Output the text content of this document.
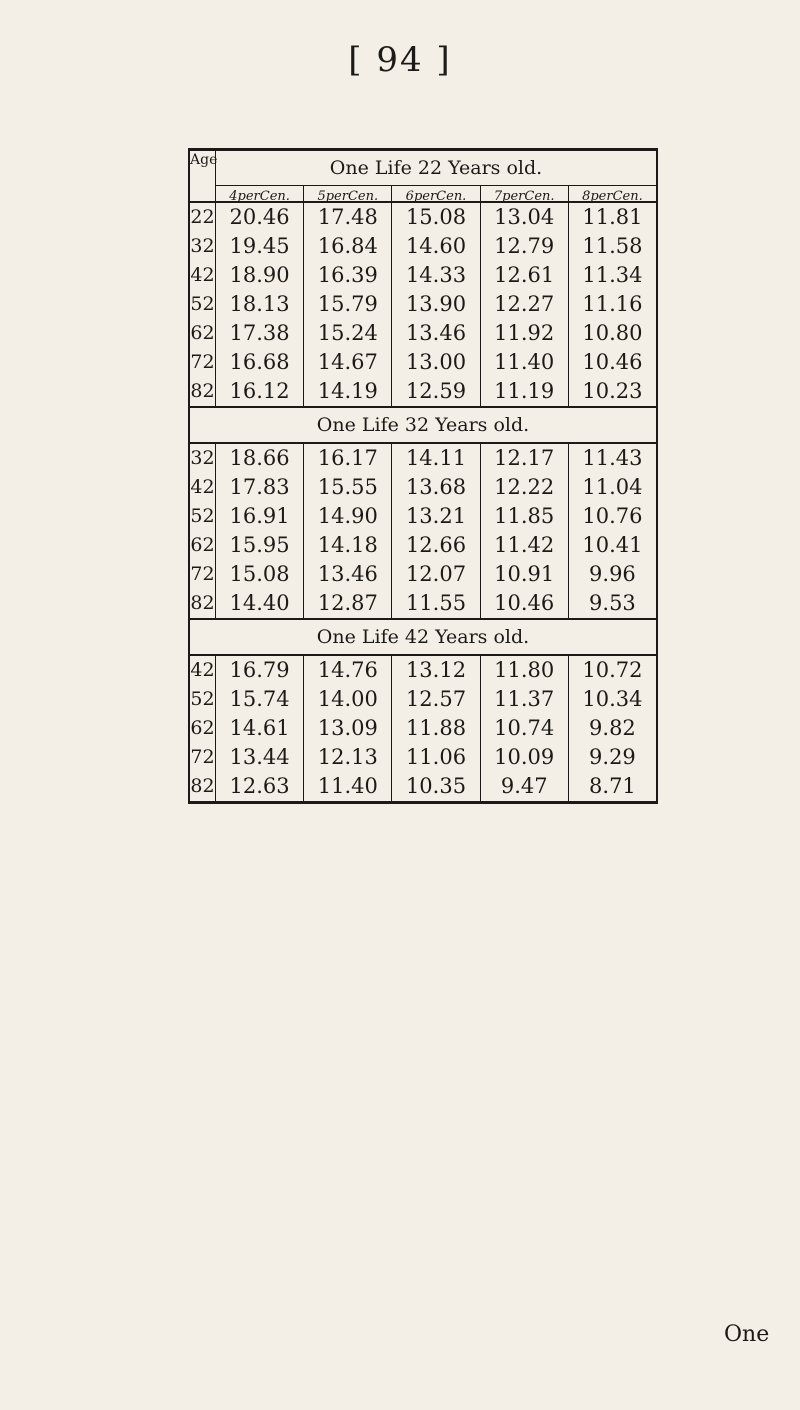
[ 94 ]
Age	One Life 22 Years old.
4perCen.	5perCen.	6perCen.	7perCen.	8perCen.
22 20.46	17.48	15.08	13.04	11.81
32 19.45	16.84	14.60	12.79	11.58
42 18.90	16.39	14.33	12.61	11.34
52 18.13	15.79	13.90	12.27	11.16
62 17.38	15.24	13.46	11.92	10.80
72 16.68	14.67	13.00	11.40	10.46
82 16.12	14.19	12.59	11.19	10.23
One Life 32 Years old.
32 18.66	16.17	14.11	12.17	11.43
42 17.83	15.55	13.68	12.22	11.04
52 16.91	14.90	13.21	11.85	10.76
62 15.95	14.18	12.66	11.42	10.41
72 15.08	13.46	12.07	10.91	9.96
82 14.40	12.87	11.55	10.46	9.53
One Life 42 Years old.
42 16.79	14.76	13.12	11.80	10.72
52 15.74	14.00	12.57	11.37	10.34
62 14.61	13.09	11.88	10.74	9.82
72 13.44	12.13	11.06	10.09	9.29
82 12.63	11.40	10.35	9.47	8.71
One
